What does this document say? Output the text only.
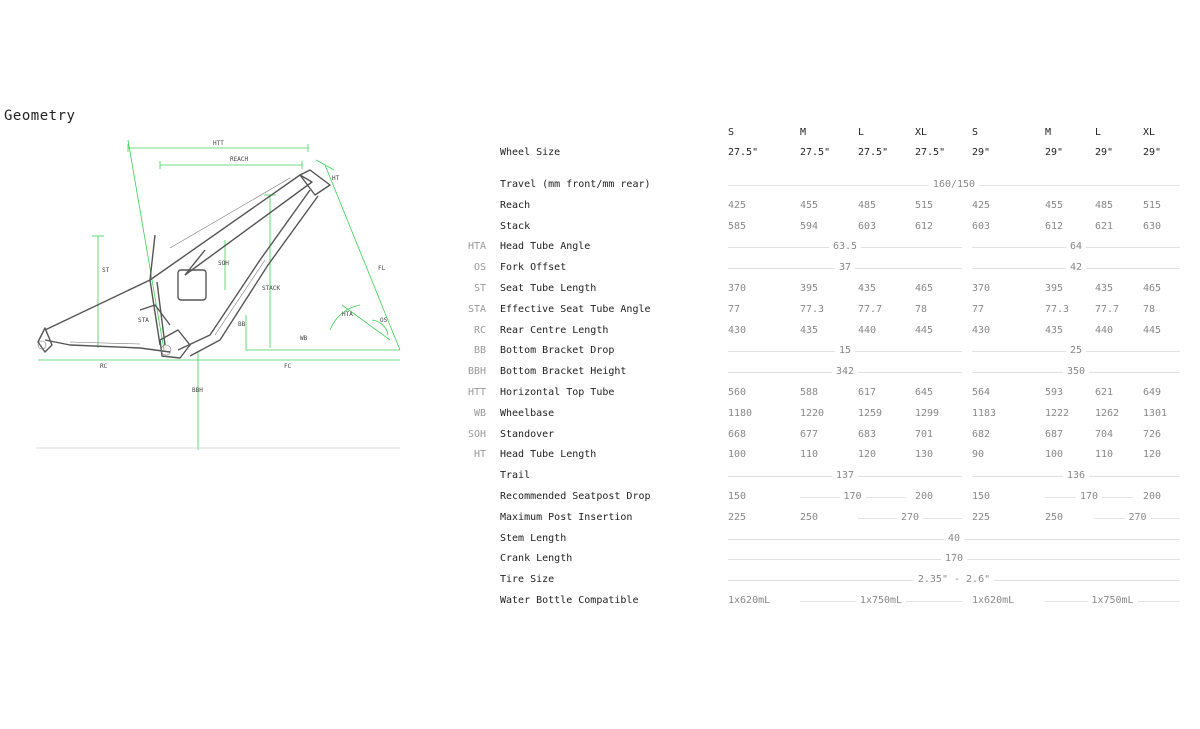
Geometry
HTT
REACH
HT
ST
SOH
STACK
FL
STA
BB
WB
HTA
OS
RC	FC
BBH
S	M	L	XL	S	M	L	XL
Wheel Size	27.5"	27.5"	27.5"	27.5"	29"	29"	29"	29"
Travel (mm front/mm rear)	160/150
Reach	425	455	485	515	425	455	485	515
Stack	585	594	603	612	603	612	621	630
HTA Head Tube Angle	63.5	64
OS Fork Offset	37	42
ST Seat Tube Length	370	395	435	465	370	395	435	465
STA Effective Seat Tube Angle	77	77.3	77.7	78	77	77.3	77.7 78
RC Rear Centre Length	430	435	440	445	430	435	440	445
BB Bottom Bracket Drop	15	25
BBH Bottom Bracket Height	342	350
HTT Horizontal Top Tube	560	588	617	645	564	593	621	649
WB Wheelbase	1180	1220	1259	1299	1183	1222	1262 1301
SOH Standover	668	677	683	701	682	687	704	726
HT Head Tube Length	100	110	120	130	90	100	110	120
Trail	137	136
Recommended Seatpost Drop	150	170	200	150	170	200
Maximum Post Insertion	225	250	270	225	250	270
Stem Length	40
Crank Length	170
Tire Size	2.35" - 2.6"
Water Bottle Compatible	1x620mL	1x750mL	1x620mL	1x750mL
